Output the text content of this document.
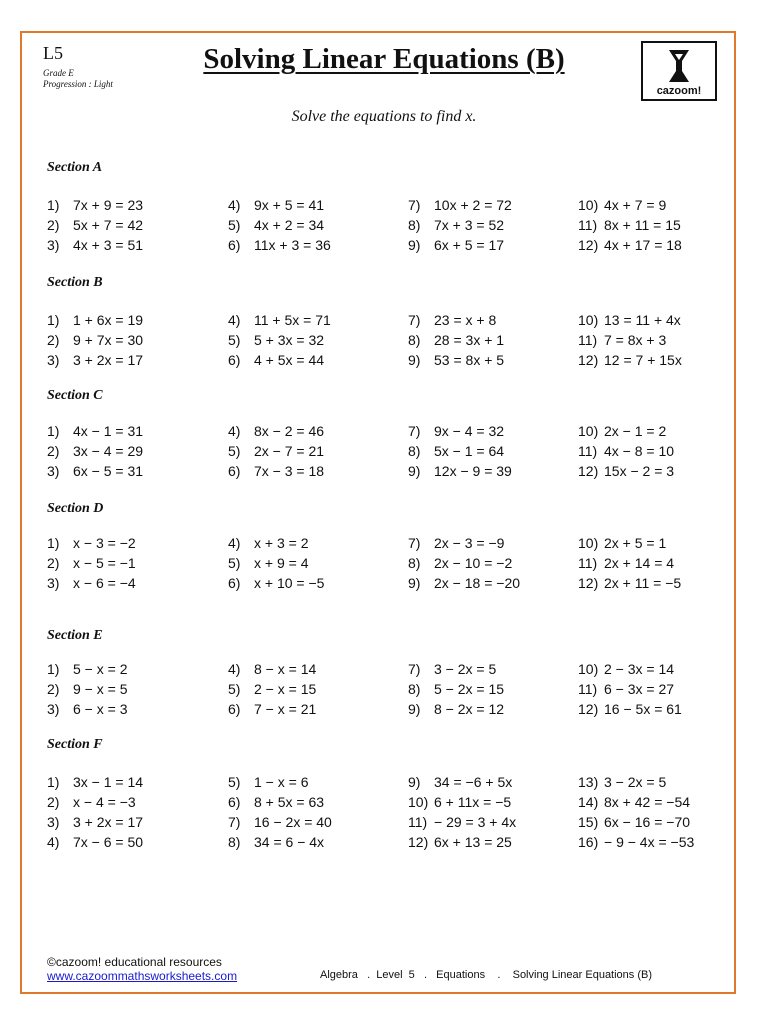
L5
Grade E
Progression : Light
Solving Linear Equations (B)
cazoom!
Solve the equations to find x.
Section A
1) 7x + 9 = 23
2) 5x + 7 = 42
3) 4x + 3 = 51
4) 9x + 5 = 41
5) 4x + 2 = 34
6) 11x + 3 = 36
7) 10x + 2 = 72
8) 7x + 3 = 52
9) 6x + 5 = 17
10) 4x + 7 = 9
11) 8x + 11 = 15
12) 4x + 17 = 18
Section B
1) 1 + 6x = 19
2) 9 + 7x = 30
3) 3 + 2x = 17
4) 11 + 5x = 71
5) 5 + 3x = 32
6) 4 + 5x = 44
7) 23 = x + 8
8) 28 = 3x + 1
9) 53 = 8x + 5
10) 13 = 11 + 4x
11) 7 = 8x + 3
12) 12 = 7 + 15x
Section C
1) 4x − 1 = 31
2) 3x − 4 = 29
3) 6x − 5 = 31
4) 8x − 2 = 46
5) 2x − 7 = 21
6) 7x − 3 = 18
7) 9x − 4 = 32
8) 5x − 1 = 64
9) 12x − 9 = 39
10) 2x − 1 = 2
11) 4x − 8 = 10
12) 15x − 2 = 3
Section D
1) x − 3 = −2
2) x − 5 = −1
3) x − 6 = −4
4) x + 3 = 2
5) x + 9 = 4
6) x + 10 = −5
7) 2x − 3 = −9
8) 2x − 10 = −2
9) 2x − 18 = −20
10) 2x + 5 = 1
11) 2x + 14 = 4
12) 2x + 11 = −5
Section E
1) 5 − x = 2
2) 9 − x = 5
3) 6 − x = 3
4) 8 − x = 14
5) 2 − x = 15
6) 7 − x = 21
7) 3 − 2x = 5
8) 5 − 2x = 15
9) 8 − 2x = 12
10) 2 − 3x = 14
11) 6 − 3x = 27
12) 16 − 5x = 61
Section F
1) 3x − 1 = 14
2) x − 4 = −3
3) 3 + 2x = 17
4) 7x − 6 = 50
5) 1 − x = 6
6) 8 + 5x = 63
7) 16 − 2x = 40
8) 34 = 6 − 4x
9) 34 = −6 + 5x
10) 6 + 11x = −5
11) − 29 = 3 + 4x
12) 6x + 13 = 25
13) 3 − 2x = 5
14) 8x + 42 = −54
15) 6x − 16 = −70
16) − 9 − 4x = −53
©cazoom! educational resources
www.cazoommathsworksheets.com	Algebra   .  Level  5   .   Equations    .    Solving Linear Equations (B)
